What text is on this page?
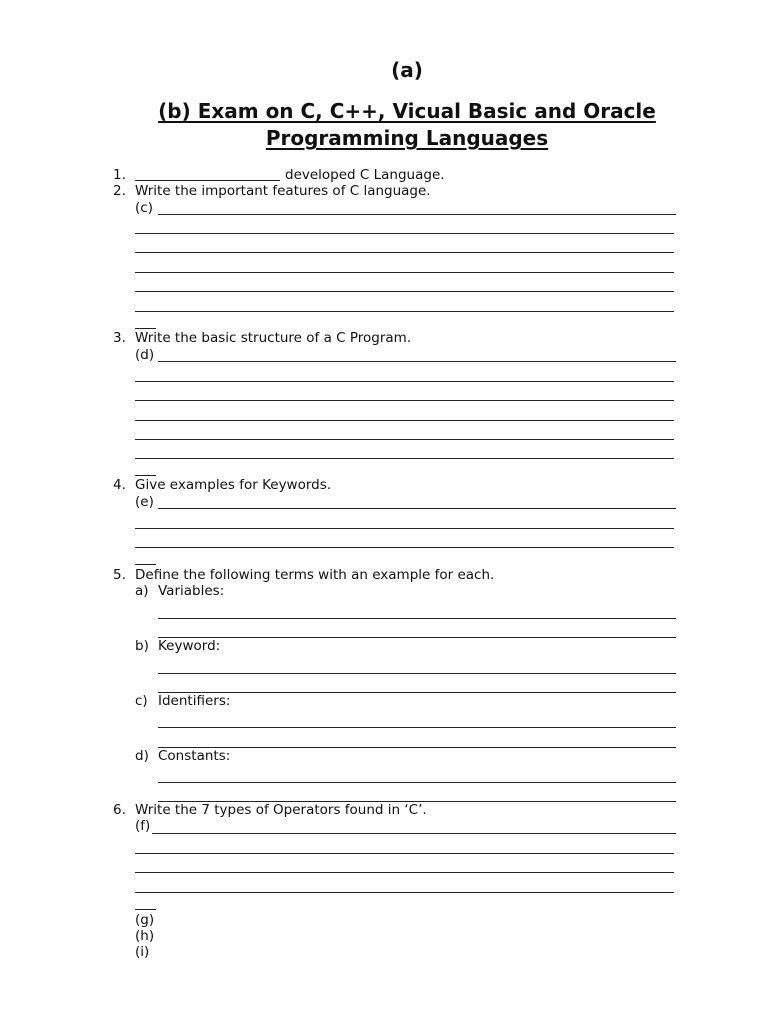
(a)
(b) Exam on C, C++, Vicual Basic and Oracle
Programming Languages
1.	developed C Language.
2. Write the important features of C language.
(c)
3. Write the basic structure of a C Program.
(d)
4. Give examples for Keywords.
(e)
5. Define the following terms with an example for each.
a) Variables:
b) Keyword:
c) Identifiers:
d) Constants:
6. Write the 7 types of Operators found in ‘C’.
(f)
(g)
(h)
(i)
